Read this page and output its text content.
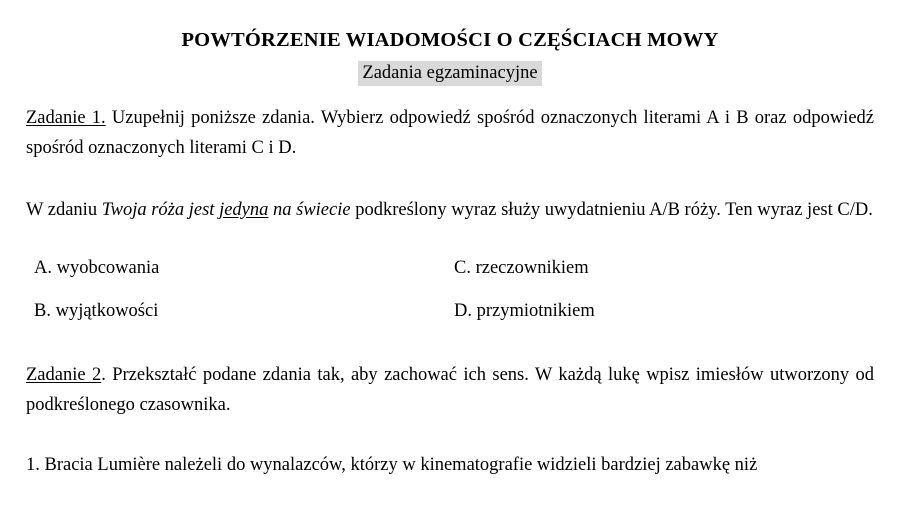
POWTÓRZENIE WIADOMOŚCI O CZĘŚCIACH MOWY
Zadania egzaminacyjne

Zadanie 1. Uzupełnij poniższe zdania. Wybierz odpowiedź spośród oznaczonych literami A i B oraz odpowiedź spośród oznaczonych literami C i D.

W zdaniu Twoja róża jest jedyna na świecie podkreślony wyraz służy uwydatnieniu A/B róży. Ten wyraz jest C/D.

A. wyobcowania	C. rzeczownikiem
B. wyjątkowości	D. przymiotnikiem

Zadanie 2. Przekształć podane zdania tak, aby zachować ich sens. W każdą lukę wpisz imiesłów utworzony od podkreślonego czasownika.

1. Bracia Lumière należeli do wynalazców, którzy w kinematografie widzieli bardziej zabawkę niż
